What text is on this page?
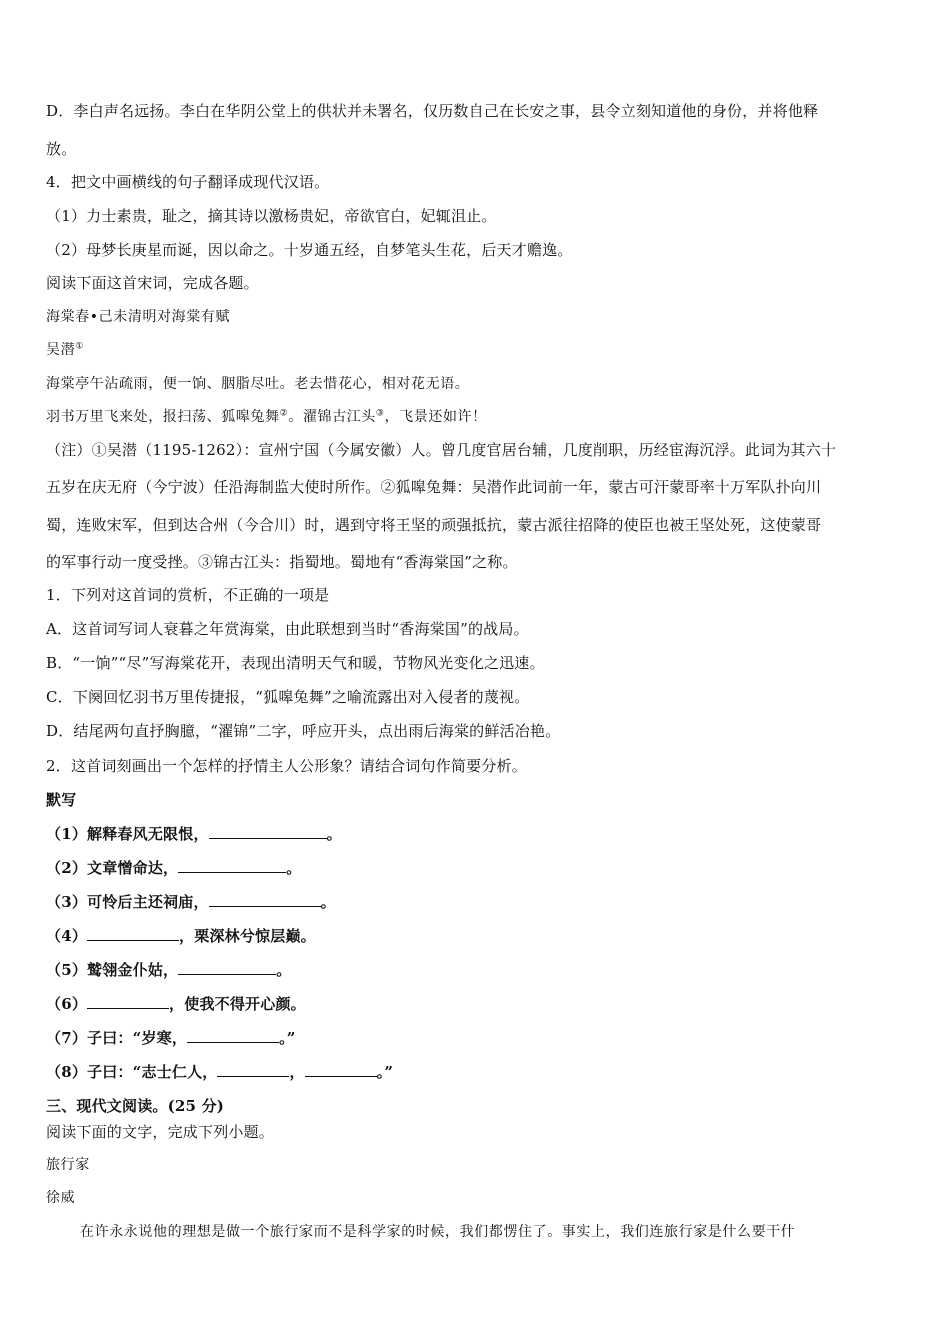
D．李白声名远扬。李白在华阴公堂上的供状并未署名，仅历数自己在长安之事，县令立刻知道他的身份，并将他释
放。
4．把文中画横线的句子翻译成现代汉语。
（1）力士素贵，耻之，摘其诗以激杨贵妃，帝欲官白，妃辄沮止。
（2）母梦长庚星而诞，因以命之。十岁通五经，自梦笔头生花，后天才赡逸。
阅读下面这首宋词，完成各题。
海棠春•己未清明对海棠有赋
吴潜①
海棠亭午沾疏雨，便一饷、胭脂尽吐。老去惜花心，相对花无语。
羽书万里飞来处，报扫荡、狐嗥兔舞②。濯锦古江头③，飞景还如许！
（注）①吴潜（1195-1262）：宣州宁国（今属安徽）人。曾几度官居台辅，几度削职，历经宦海沉浮。此词为其六十
五岁在庆无府（今宁波）任沿海制监大使时所作。②狐嗥兔舞：吴潜作此词前一年，蒙古可汗蒙哥率十万军队扑向川
蜀，连败宋军，但到达合州（今合川）时，遇到守将王坚的顽强抵抗，蒙古派往招降的使臣也被王坚处死，这使蒙哥
的军事行动一度受挫。③锦古江头：指蜀地。蜀地有“香海棠国”之称。
1．下列对这首词的赏析，不正确的一项是
A．这首词写词人衰暮之年赏海棠，由此联想到当时“香海棠国”的战局。
B．“一饷”“尽”写海棠花开，表现出清明天气和暖，节物风光变化之迅速。
C．下阕回忆羽书万里传捷报，“狐嗥兔舞”之喻流露出对入侵者的蔑视。
D．结尾两句直抒胸臆，“濯锦”二字，呼应开头，点出雨后海棠的鲜活冶艳。
2．这首词刻画出一个怎样的抒情主人公形象？请结合词句作简要分析。
默写
（1）解释春风无限恨，	。
（2）文章憎命达，	。
（3）可怜后主还祠庙，	。
（4）	，栗深林兮惊层巅。
（5）鹫翎金仆姑，	。
（6）	，使我不得开心颜。
（7）子曰：“岁寒，	。”
（8）子曰：“志士仁人，	，	。”
三、现代文阅读。(25 分)
阅读下面的文字，完成下列小题。
旅行家
徐威
在许永永说他的理想是做一个旅行家而不是科学家的时候，我们都愣住了。事实上，我们连旅行家是什么要干什
